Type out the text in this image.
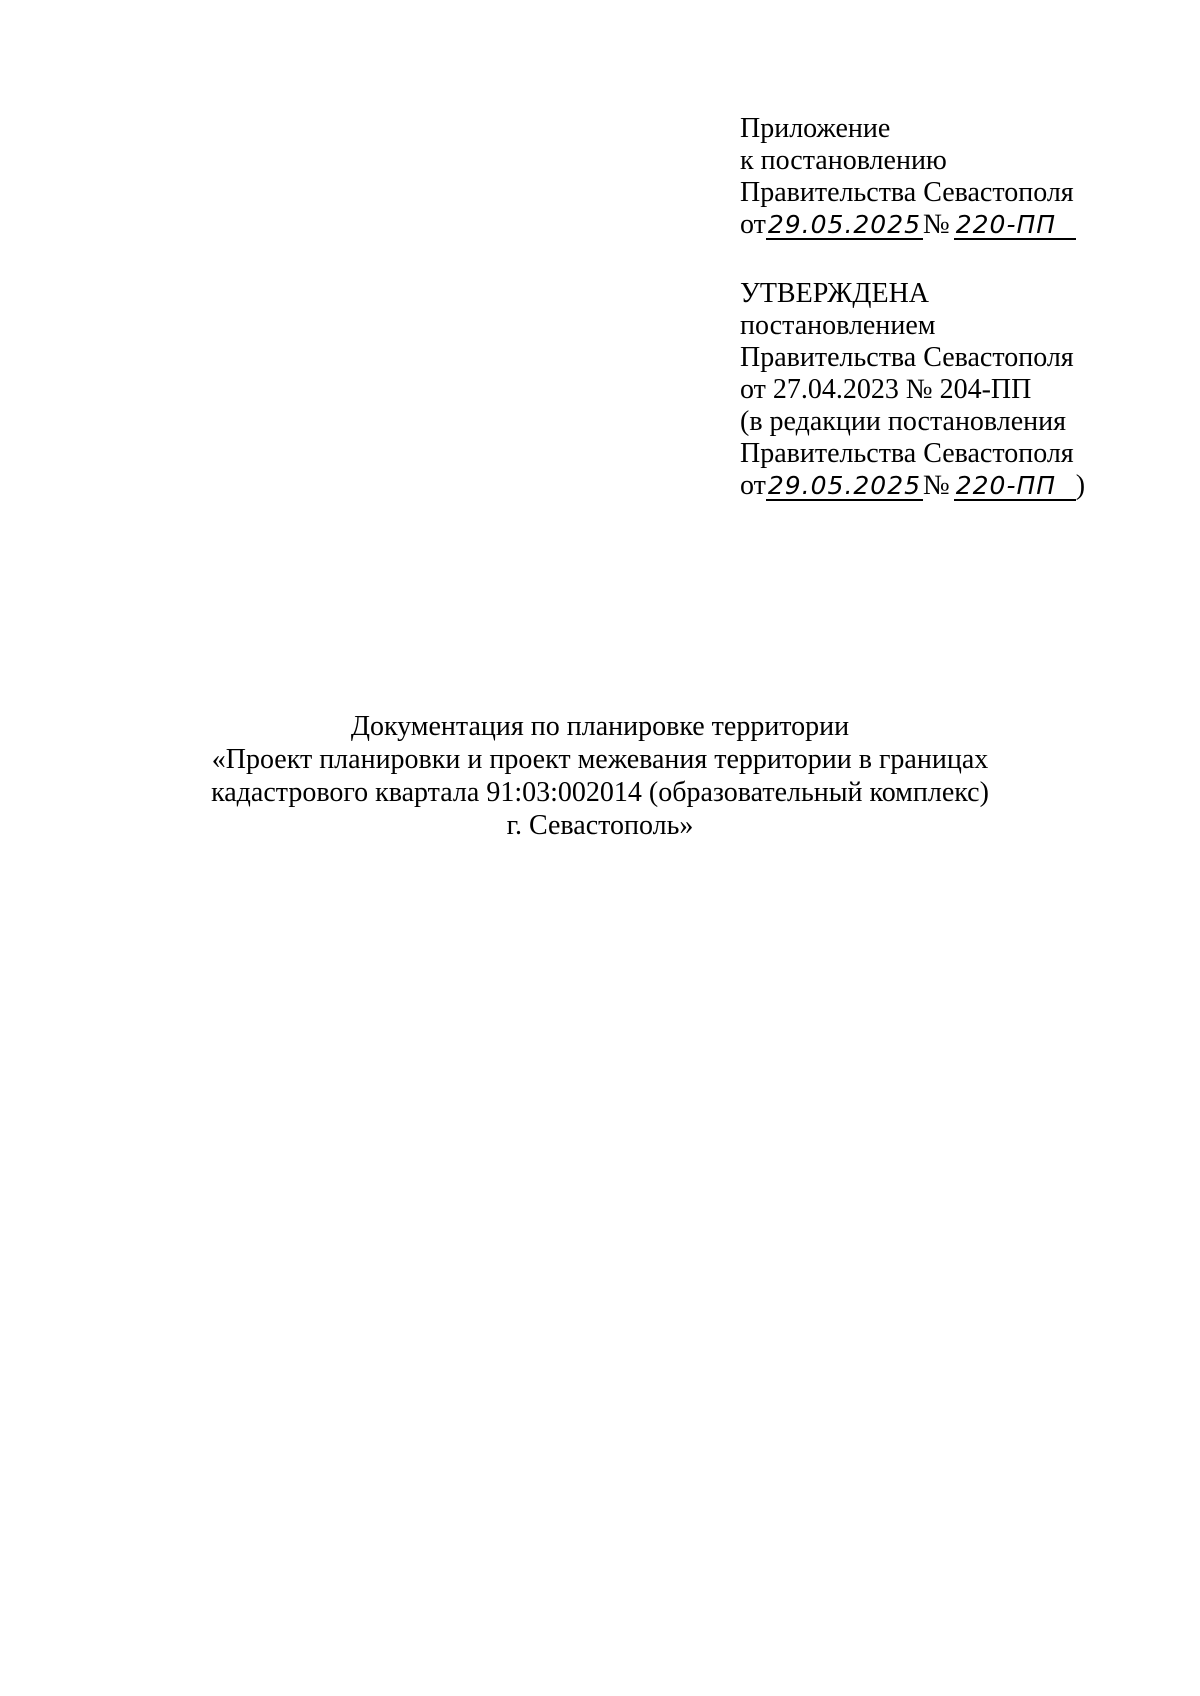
Приложение
к постановлению
Правительства Севастополя
от29.05.2025№ 220-ПП
УТВЕРЖДЕНА
постановлением
Правительства Севастополя
от 27.04.2023 № 204-ПП
(в редакции постановления
Правительства Севастополя
от29.05.2025№ 220-ПП )
Документация по планировке территории
«Проект планировки и проект межевания территории в границах
кадастрового квартала 91:03:002014 (образовательный комплекс)
г. Севастополь»
